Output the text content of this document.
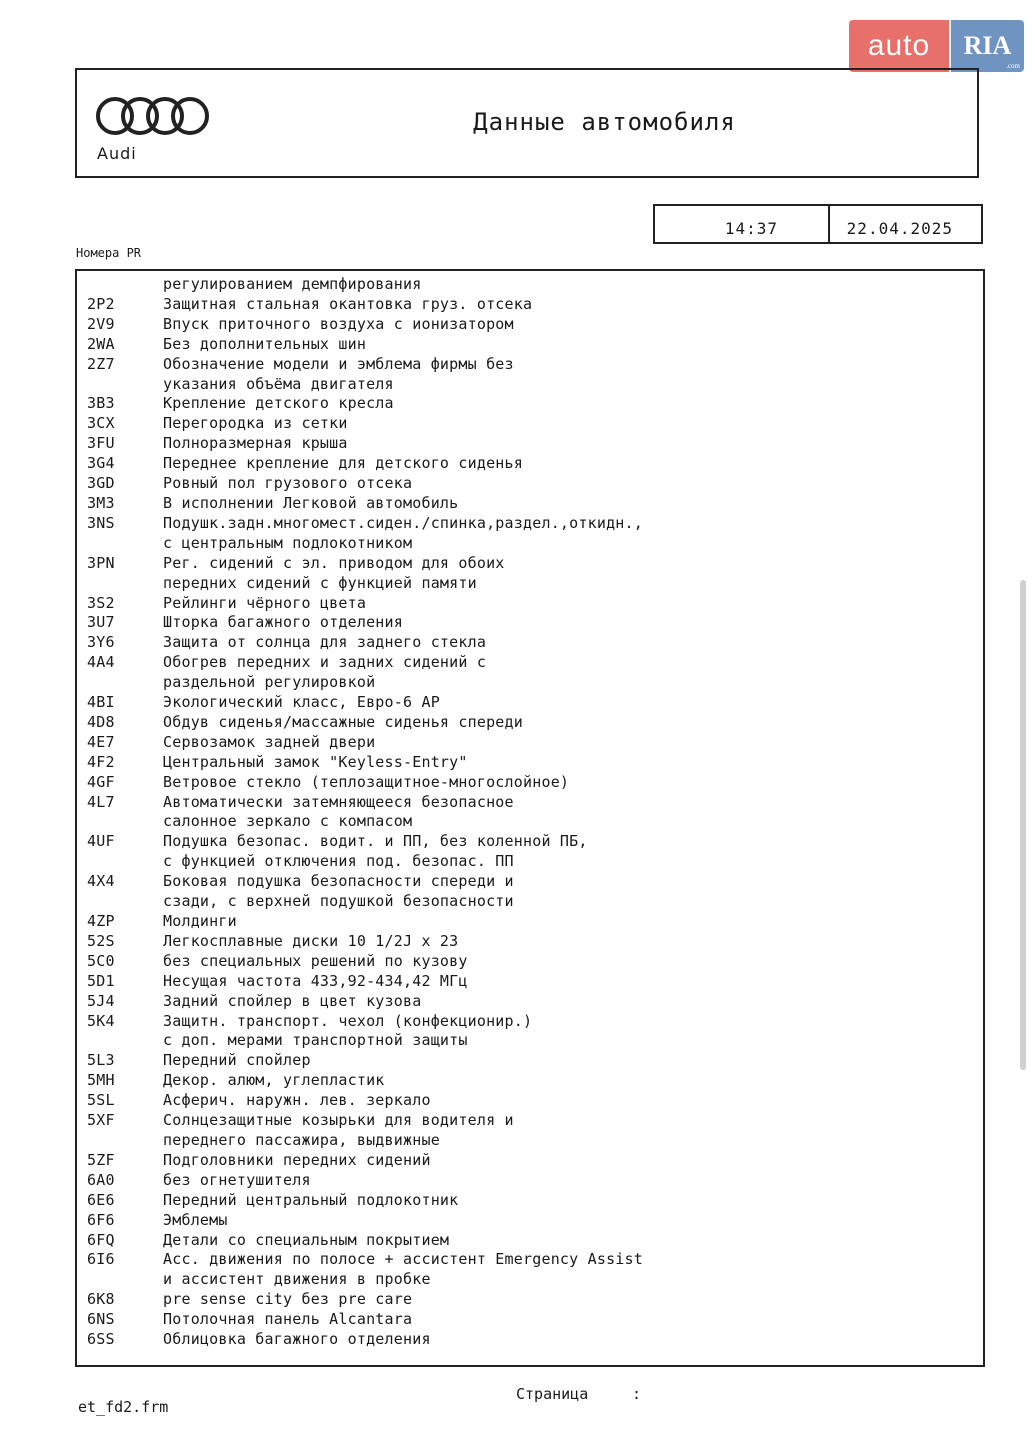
auto	RIA
.com
Audi
Данные автомобиля
14:37	22.04.2025
Номера PR
регулированием демпфирования
2P2	Защитная стальная окантовка груз. отсека
2V9	Впуск приточного воздуха с ионизатором
2WA	Без дополнительных шин
2Z7	Обозначение модели и эмблема фирмы без
указания объёма двигателя
3B3	Крепление детского кресла
3CX	Перегородка из сетки
3FU	Полноразмерная крыша
3G4	Переднее крепление для детского сиденья
3GD	Ровный пол грузового отсека
3M3	В исполнении Легковой автомобиль
3NS	Подушк.задн.многомест.сиден./спинка,раздел.,откидн.,
с центральным подлокотником
3PN	Рег. сидений с эл. приводом для обоих
передних сидений с функцией памяти
3S2	Рейлинги чёрного цвета
3U7	Шторка багажного отделения
3Y6	Защита от солнца для заднего стекла
4A4	Обогрев передних и задних сидений с
раздельной регулировкой
4BI	Экологический класс, Евро-6 AP
4D8	Обдув сиденья/массажные сиденья спереди
4E7	Сервозамок задней двери
4F2	Центральный замок "Keyless-Entry"
4GF	Ветровое стекло (теплозащитное-многослойное)
4L7	Автоматически затемняющееся безопасное
салонное зеркало с компасом
4UF	Подушка безопас. водит. и ПП, без коленной ПБ,
с функцией отключения под. безопас. ПП
4X4	Боковая подушка безопасности спереди и
сзади, с верхней подушкой безопасности
4ZP	Молдинги
52S	Легкосплавные диски 10 1/2J x 23
5C0	без специальных решений по кузову
5D1	Несущая частота 433,92-434,42 МГц
5J4	Задний спойлер в цвет кузова
5K4	Защитн. транспорт. чехол (конфекционир.)
с доп. мерами транспортной защиты
5L3	Передний спойлер
5MH	Декор. алюм, углепластик
5SL	Асферич. наружн. лев. зеркало
5XF	Солнцезащитные козырьки для водителя и
переднего пассажира, выдвижные
5ZF	Подголовники передних сидений
6A0	без огнетушителя
6E6	Передний центральный подлокотник
6F6	Эмблемы
6FQ	Детали со специальным покрытием
6I6	Асс. движения по полосе + ассистент Emergency Assist
и ассистент движения в пробке
6K8	pre sense city без pre care
6NS	Потолочная панель Alcantara
6SS	Облицовка багажного отделения
et_fd2.frm
Страница	:
